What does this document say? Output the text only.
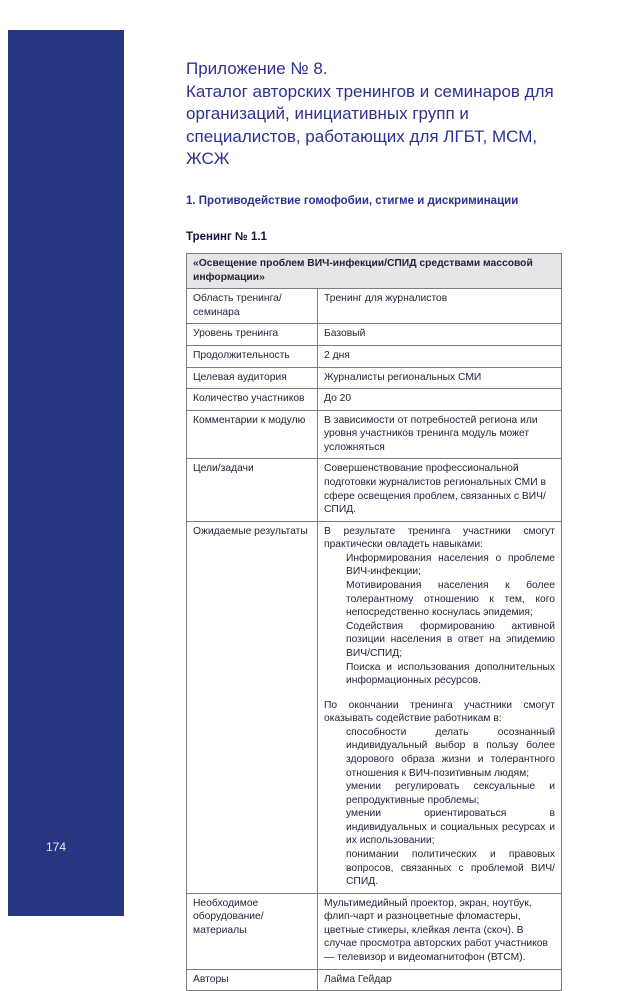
174
Приложение № 8.
Каталог авторских тренингов и семинаров для организаций, инициативных групп и специалистов, работающих для ЛГБТ, МСМ, ЖСЖ
1. Противодействие гомофобии, стигме и дискриминации
Тренинг № 1.1
«Освещение проблем ВИЧ-инфекции/СПИД средствами массовой информации»	
Область тренинга/семинара	Тренинг для журналистов
Уровень тренинга	Базовый
Продолжительность	2 дня
Целевая аудитория	Журналисты региональных СМИ
Количество участников	До 20
Комментарии к модулю	В зависимости от потребностей региона или уровня участников тренинга модуль может усложняться
Цели/задачи	Совершенствование профессиональной подготовки журналистов региональных СМИ в сфере освещения проблем, связанных с ВИЧ/СПИД.
Ожидаемые результаты	В результате тренинга участники смогут практически овладеть навыками:

Информирования населения о проблеме ВИЧ-инфекции;

Мотивирования населения к более толерантному отношению к тем, кого непосредственно коснулась эпидемия;

Содействия формированию активной позиции населения в ответ на эпидемию ВИЧ/СПИД;

Поиска и использования дополнительных информационных ресурсов.

По окончании тренинга участники смогут оказывать содействие работникам в:

способности делать осознанный индивидуальный выбор в пользу более здорового образа жизни и толерантного отношения к ВИЧ-позитивным людям;

умении регулировать сексуальные и репродуктивные проблемы;

умении ориентироваться в индивидуальных и социальных ресурсах и их использовании;

понимании политических и правовых вопросов, связанных с проблемой ВИЧ/СПИД.

Необходимое оборудование/материалы	Мультимедийный проектор, экран, ноутбук, флип-чарт и разноцветные фломастеры, цветные стикеры, клейкая лента (скоч). В случае просмотра авторских работ участников — телевизор и видеомагнитофон (ВТСМ).
Авторы	Лайма Гейдар
